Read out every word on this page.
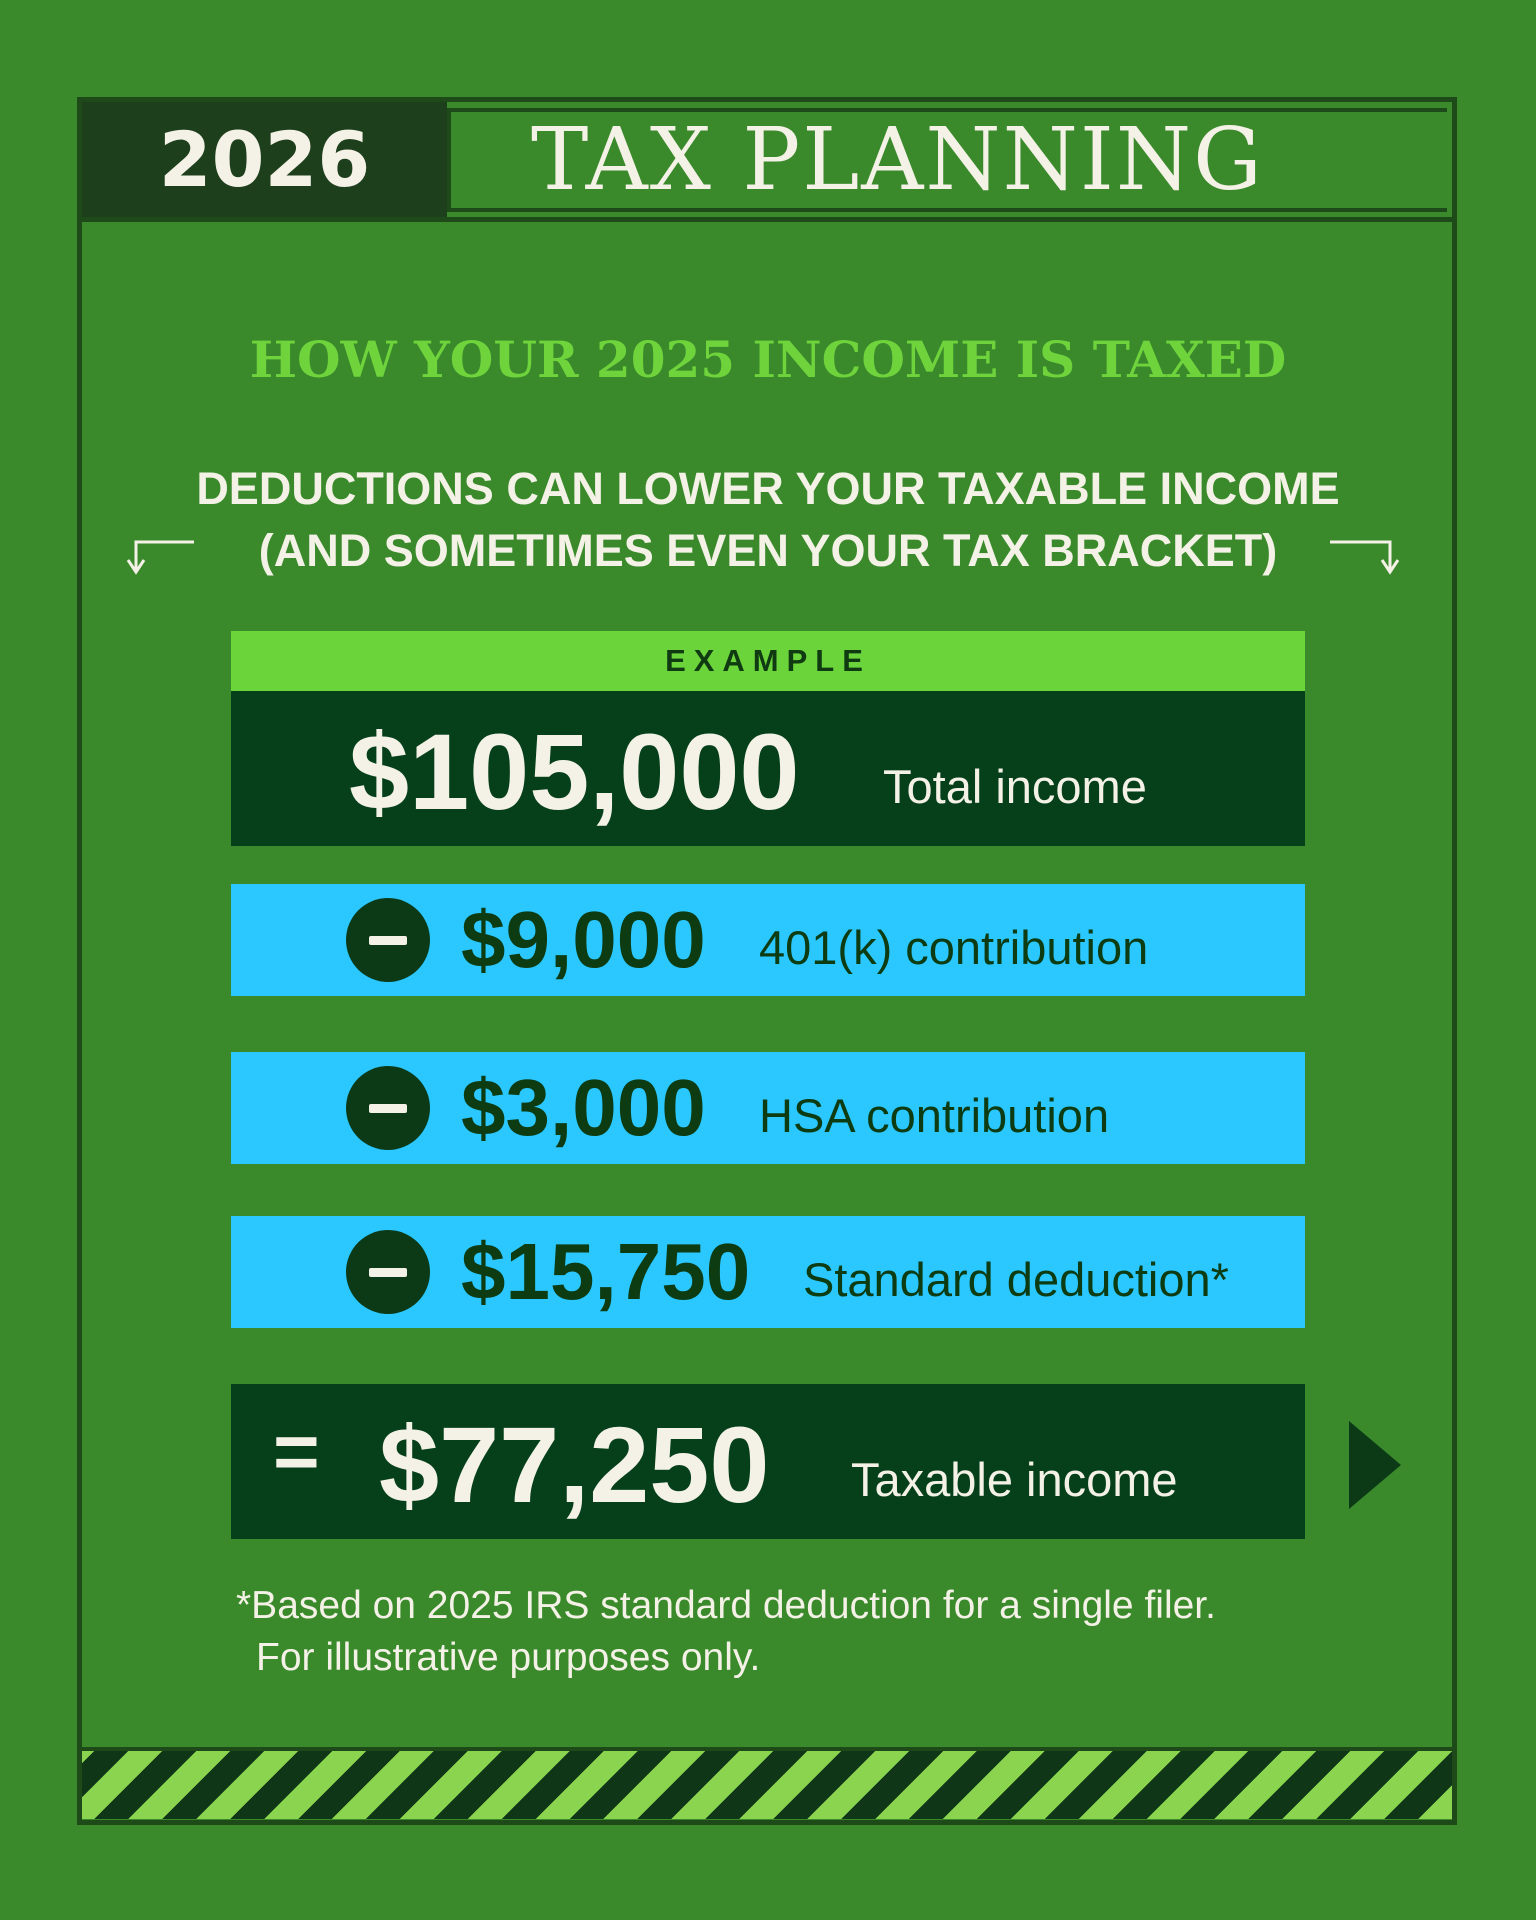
2026	TAX PLANNING
HOW YOUR 2025 INCOME IS TAXED
DEDUCTIONS CAN LOWER YOUR TAXABLE INCOME
(AND SOMETIMES EVEN YOUR TAX BRACKET)
EXAMPLE
$105,000 Total income
$9,000 401(k) contribution
$3,000 HSA contribution
$15,750 Standard deduction*
= $77,250 Taxable income
*Based on 2025 IRS standard deduction for a single filer.
For illustrative purposes only.
